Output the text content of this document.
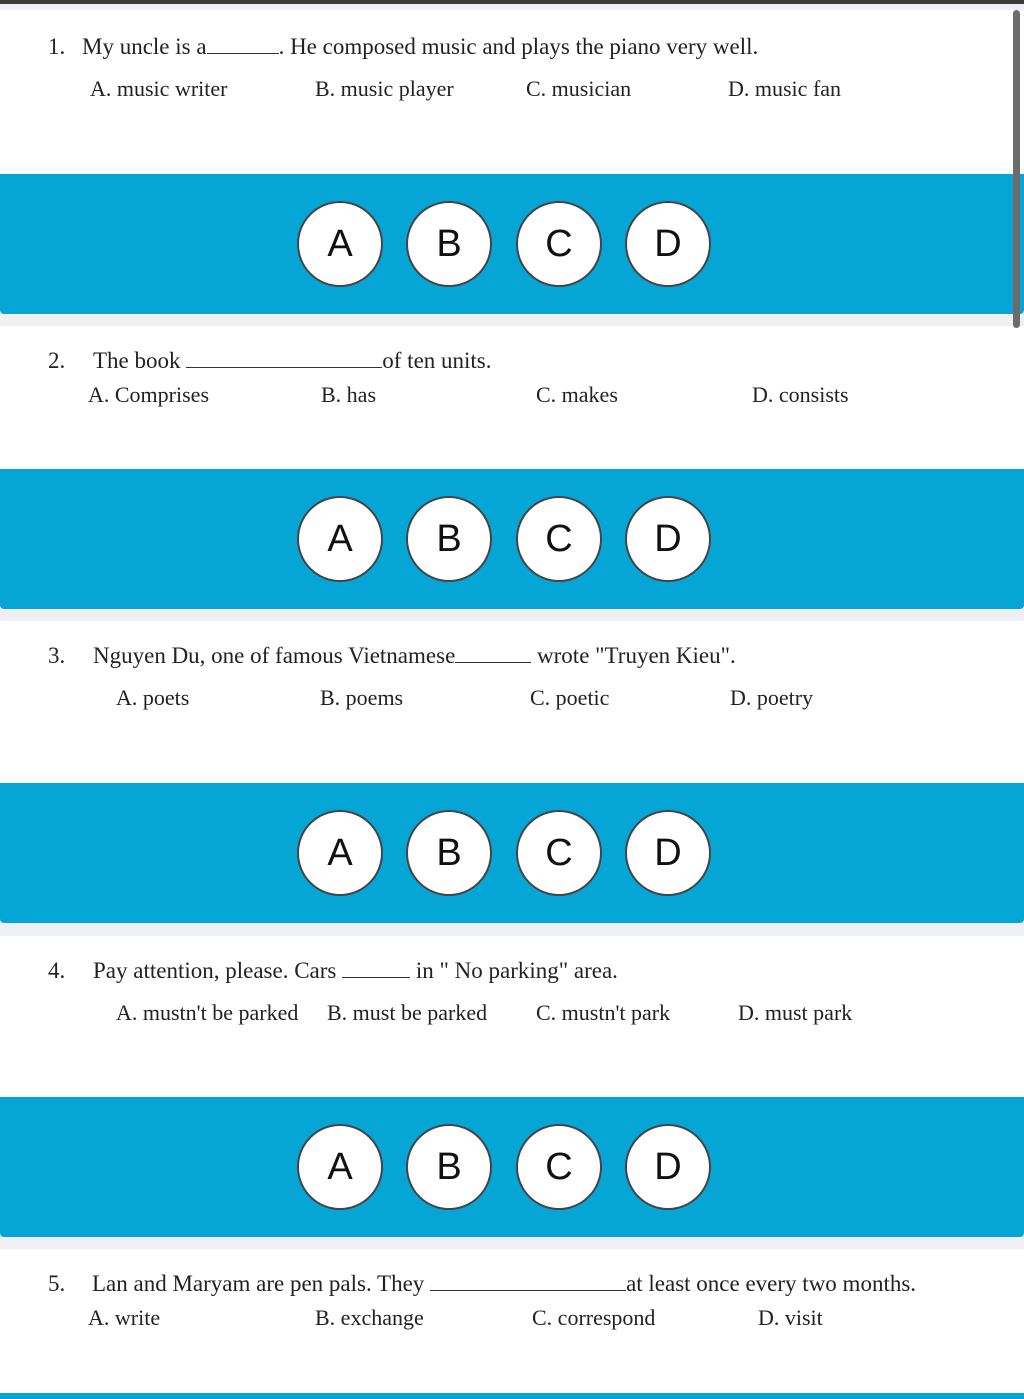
1. My uncle is a	. He composed music and plays the piano very well.
A. music writer	B. music player	C. musician	D. music fan
A	B	C	D
2. The book	of ten units.
A. Comprises	B. has	C. makes	D. consists
A	B	C	D
3. Nguyen Du, one of famous Vietnamese	wrote "Truyen Kieu".
A. poets	B. poems	C. poetic	D. poetry
A	B	C	D
4. Pay attention, please. Cars	in " No parking" area.
A. mustn't be parked B. must be parked C. mustn't park	D. must park
A	B	C	D
5. Lan and Maryam are pen pals. They	at least once every two months.
A. write	B. exchange	C. correspond	D. visit
